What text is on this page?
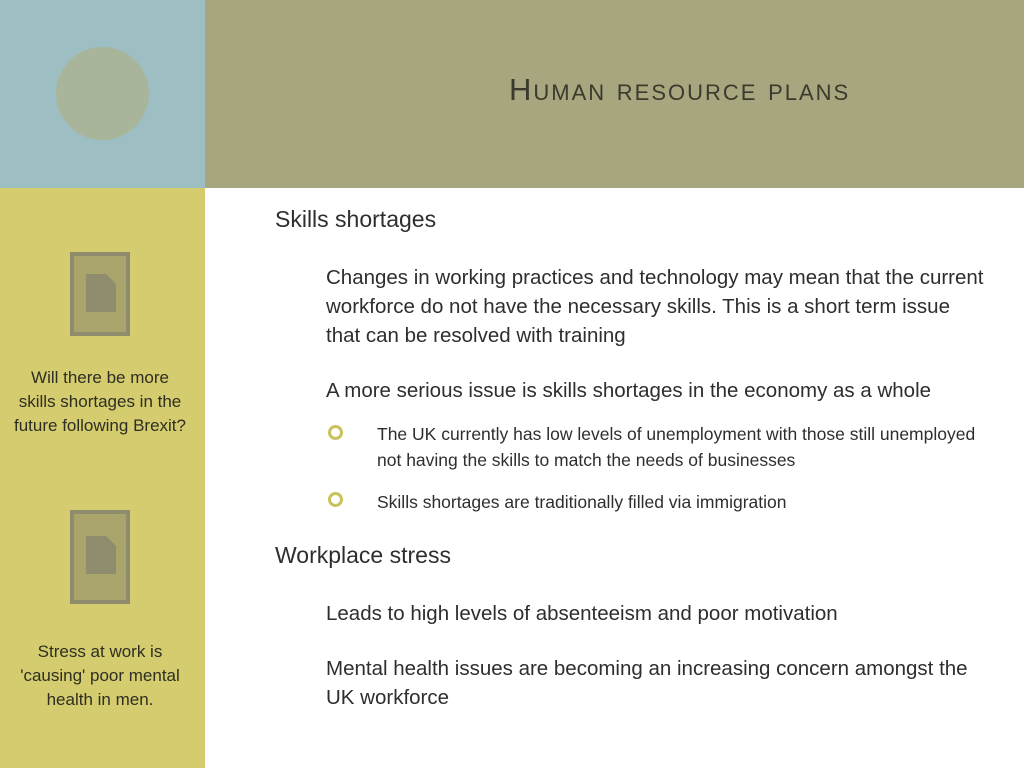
Human resource plans
Will there be more skills shortages in the future following Brexit?
Stress at work is 'causing' poor mental health in men.
Skills shortages
Changes in working practices and technology may mean that the current workforce do not have the necessary skills. This is a short term issue that can be resolved with training
A more serious issue is skills shortages in the economy as a whole
The UK currently has low levels of unemployment with those still unemployed not having the skills to match the needs of businesses
Skills shortages are traditionally filled via immigration
Workplace stress
Leads to high levels of absenteeism and poor motivation
Mental health issues are becoming an increasing concern amongst the UK workforce
